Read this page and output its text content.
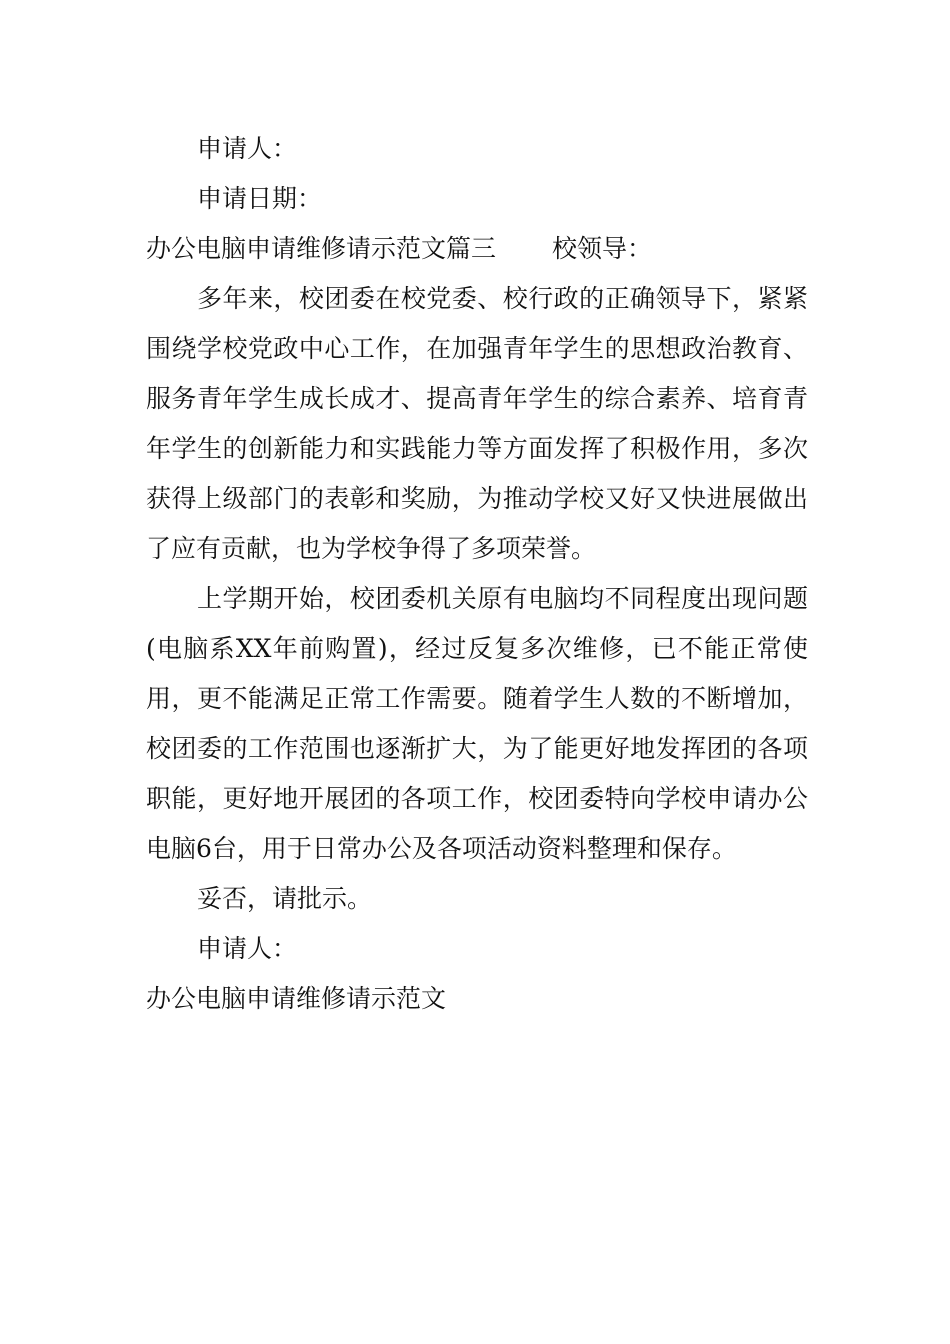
申请人：
申请日期：
办公电脑申请维修请示范文篇三 校领导：

多年来，校团委在校党委、校行政的正确领导下，紧紧围绕学校党政中心工作，在加强青年学生的思想政治教育、服务青年学生成长成才、提高青年学生的综合素养、培育青年学生的创新能力和实践能力等方面发挥了积极作用，多次获得上级部门的表彰和奖励，为推动学校又好又快进展做出了应有贡献，也为学校争得了多项荣誉。

上学期开始，校团委机关原有电脑均不同程度出现问题(电脑系XX年前购置)，经过反复多次维修，已不能正常使用，更不能满足正常工作需要。随着学生人数的不断增加，校团委的工作范围也逐渐扩大，为了能更好地发挥团的各项职能，更好地开展团的各项工作，校团委特向学校申请办公电脑6台，用于日常办公及各项活动资料整理和保存。

妥否，请批示。
申请人：
办公电脑申请维修请示范文
